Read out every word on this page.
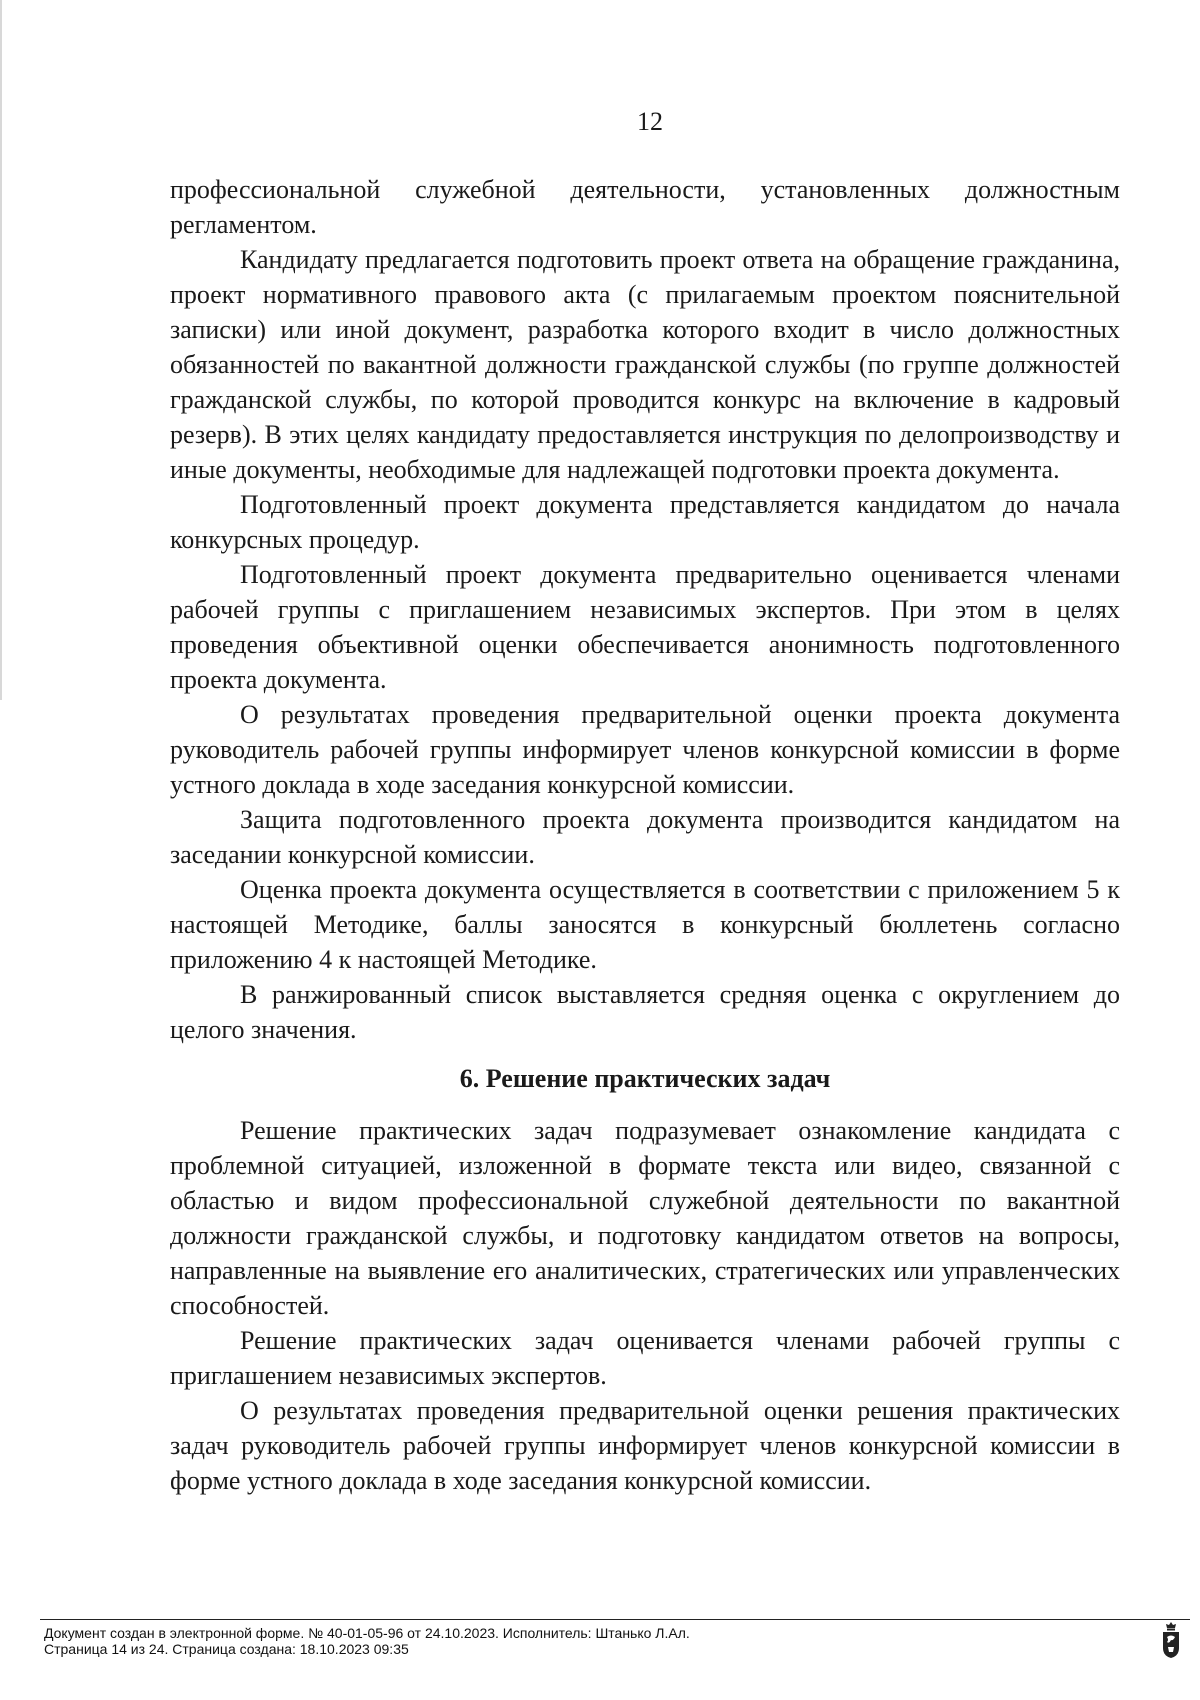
12

профессиональной служебной деятельности, установленных должностным регламентом.

Кандидату предлагается подготовить проект ответа на обращение гражданина, проект нормативного правового акта (с прилагаемым проектом пояснительной записки) или иной документ, разработка которого входит в число должностных обязанностей по вакантной должности гражданской службы (по группе должностей гражданской службы, по которой проводится конкурс на включение в кадровый резерв). В этих целях кандидату предоставляется инструкция по делопроизводству и иные документы, необходимые для надлежащей подготовки проекта документа.

Подготовленный проект документа представляется кандидатом до начала конкурсных процедур.

Подготовленный проект документа предварительно оценивается членами рабочей группы с приглашением независимых экспертов. При этом в целях проведения объективной оценки обеспечивается анонимность подготовленного проекта документа.

О результатах проведения предварительной оценки проекта документа руководитель рабочей группы информирует членов конкурсной комиссии в форме устного доклада в ходе заседания конкурсной комиссии.

Защита подготовленного проекта документа производится кандидатом на заседании конкурсной комиссии.

Оценка проекта документа осуществляется в соответствии с приложением 5 к настоящей Методике, баллы заносятся в конкурсный бюллетень согласно приложению 4 к настоящей Методике.

В ранжированный список выставляется средняя оценка с округлением до целого значения.

6. Решение практических задач

Решение практических задач подразумевает ознакомление кандидата с проблемной ситуацией, изложенной в формате текста или видео, связанной с областью и видом профессиональной служебной деятельности по вакантной должности гражданской службы, и подготовку кандидатом ответов на вопросы, направленные на выявление его аналитических, стратегических или управленческих способностей.

Решение практических задач оценивается членами рабочей группы с приглашением независимых экспертов.

О результатах проведения предварительной оценки решения практических задач руководитель рабочей группы информирует членов конкурсной комиссии в форме устного доклада в ходе заседания конкурсной комиссии.

Документ создан в электронной форме. № 40-01-05-96 от 24.10.2023. Исполнитель: Штанько Л.Ал.
Страница 14 из 24. Страница создана: 18.10.2023 09:35
